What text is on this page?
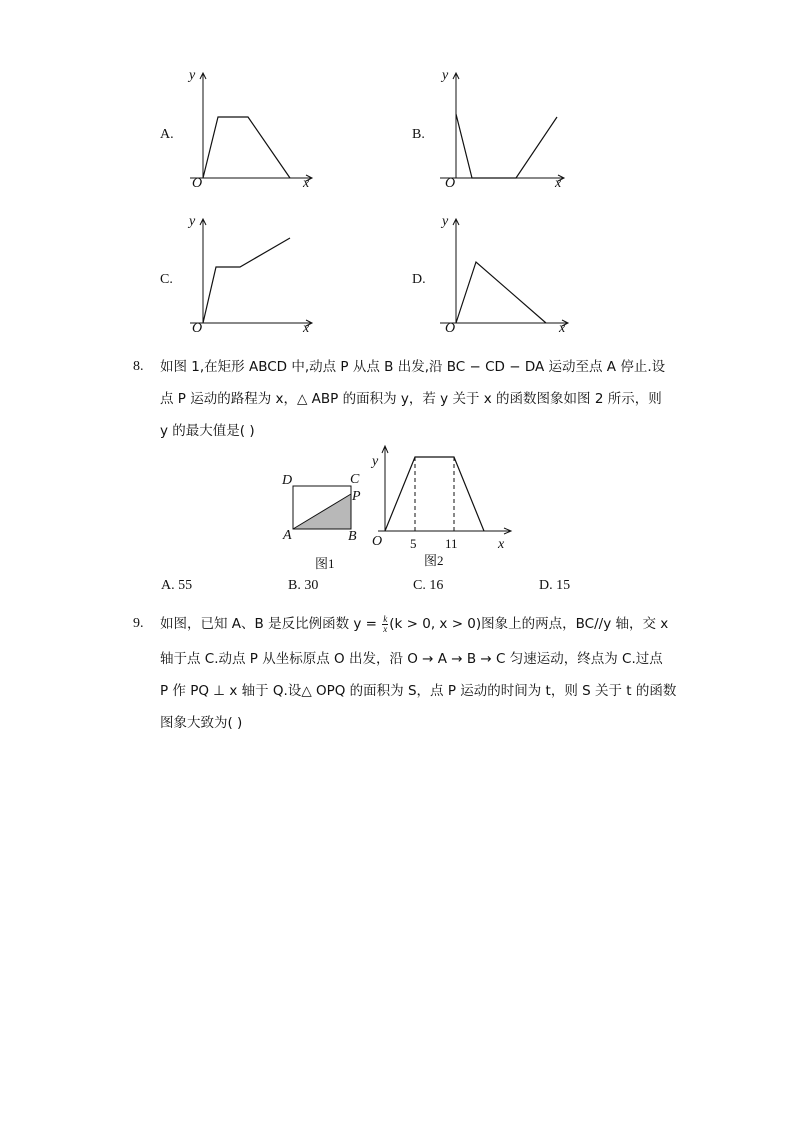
A.
y
x
O
B.
y
x
O
C.
y
x
O
D.
y
x
O
8. 如图 1,在矩形 ABCD 中,动点 P 从点 B 出发,沿 BC − CD − DA 运动至点 A 停止.设
点 P 运动的路程为 x，△ ABP 的面积为 y，若 y 关于 x 的函数图象如图 2 所示，则
y 的最大值是( )
D	C
P
A	B
图1
y
x
O 5 11
图2
A. 55	B. 30	C. 16	D. 15
9. 如图，已知 A、B 是反比例函数 $y = \frac{k}{x} (k > 0$, x > 0)图象上的两点，BC//y 轴，交 x
轴于点 C.动点 P 从坐标原点 O 出发，沿 O → A → B → C 匀速运动，终点为 C.过点
P 作 PQ ⊥ x 轴于 Q.设△ OPQ 的面积为 S，点 P 运动的时间为 t，则 S 关于 t 的函数
图象大致为( )
